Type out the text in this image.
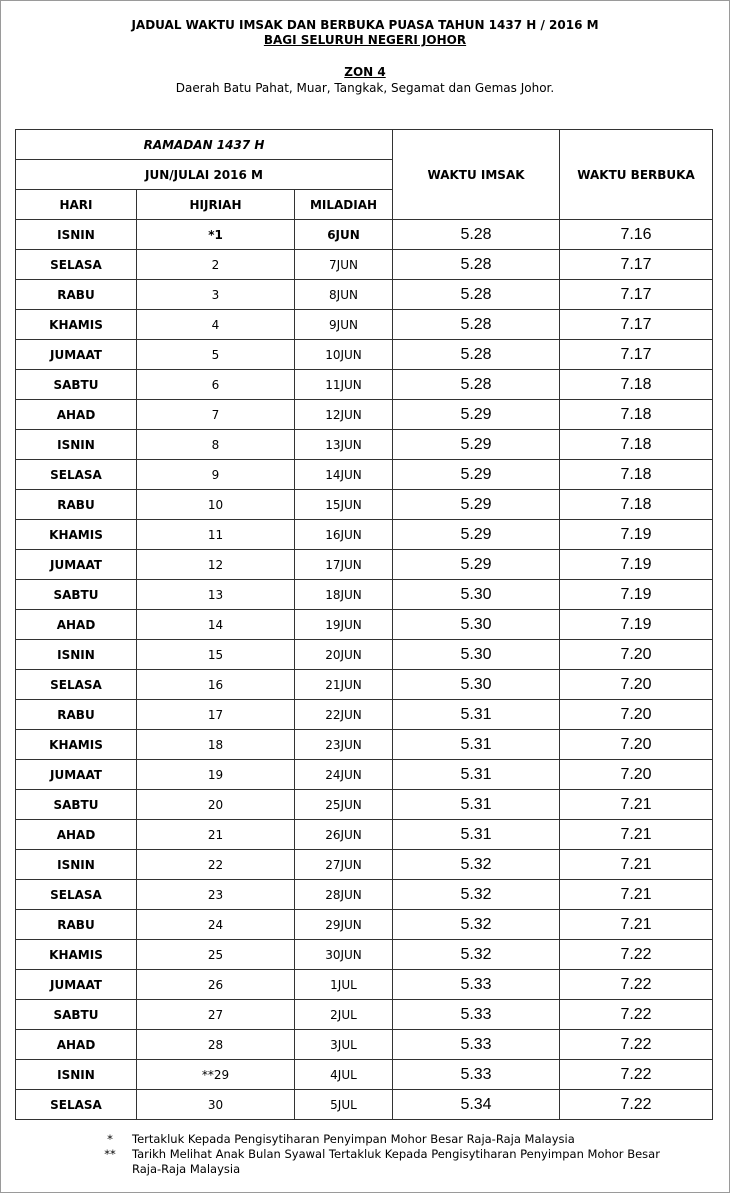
JADUAL WAKTU IMSAK DAN BERBUKA PUASA TAHUN 1437 H / 2016 M
BAGI SELURUH NEGERI JOHOR
ZON 4
Daerah Batu Pahat, Muar, Tangkak, Segamat dan Gemas Johor.
RAMADAN 1437 H			WAKTU IMSAK	WAKTU BERBUKA
JUN/JULAI 2016 M				
HARI	HIJRIAH	MILADIAH		
ISNIN	*1	6JUN	5.28	7.16
SELASA	2	7JUN	5.28	7.17
RABU	3	8JUN	5.28	7.17
KHAMIS	4	9JUN	5.28	7.17
JUMAAT	5	10JUN	5.28	7.17
SABTU	6	11JUN	5.28	7.18
AHAD	7	12JUN	5.29	7.18
ISNIN	8	13JUN	5.29	7.18
SELASA	9	14JUN	5.29	7.18
RABU	10	15JUN	5.29	7.18
KHAMIS	11	16JUN	5.29	7.19
JUMAAT	12	17JUN	5.29	7.19
SABTU	13	18JUN	5.30	7.19
AHAD	14	19JUN	5.30	7.19
ISNIN	15	20JUN	5.30	7.20
SELASA	16	21JUN	5.30	7.20
RABU	17	22JUN	5.31	7.20
KHAMIS	18	23JUN	5.31	7.20
JUMAAT	19	24JUN	5.31	7.20
SABTU	20	25JUN	5.31	7.21
AHAD	21	26JUN	5.31	7.21
ISNIN	22	27JUN	5.32	7.21
SELASA	23	28JUN	5.32	7.21
RABU	24	29JUN	5.32	7.21
KHAMIS	25	30JUN	5.32	7.22
JUMAAT	26	1JUL	5.33	7.22
SABTU	27	2JUL	5.33	7.22
AHAD	28	3JUL	5.33	7.22
ISNIN	**29	4JUL	5.33	7.22
SELASA	30	5JUL	5.34	7.22
*	Tertakluk Kepada Pengisytiharan Penyimpan Mohor Besar Raja-Raja Malaysia
**	Tarikh Melihat Anak Bulan Syawal Tertakluk Kepada Pengisytiharan Penyimpan Mohor Besar
Raja-Raja Malaysia
